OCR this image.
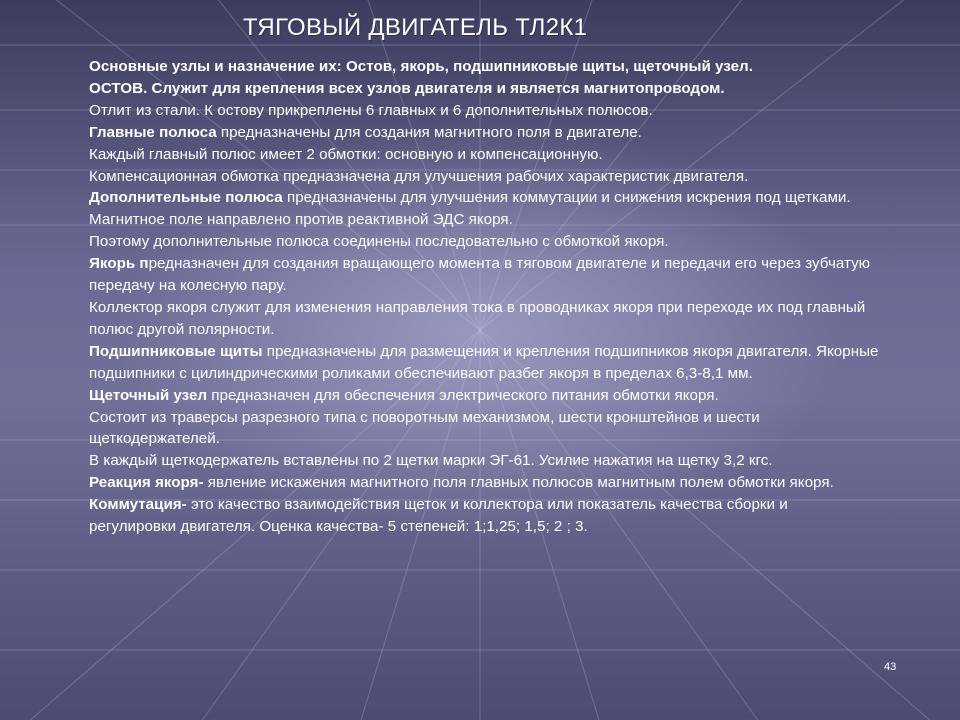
ТЯГОВЫЙ ДВИГАТЕЛЬ ТЛ2К1

Основные узлы и назначение их: Остов, якорь, подшипниковые щиты, щеточный узел.

ОСТОВ. Служит для крепления всех узлов двигателя и является магнитопроводом.

Отлит из стали. К остову прикреплены 6 главных и 6 дополнительных полюсов.

Главные полюса предназначены для создания магнитного поля в двигателе.

Каждый главный полюс имеет 2 обмотки: основную и компенсационную.

Компенсационная обмотка предназначена для улучшения рабочих характеристик двигателя.

Дополнительные полюса предназначены для улучшения коммутации и снижения искрения под щетками. Магнитное поле направлено против реактивной ЭДС якоря.

Поэтому дополнительные полюса соединены последовательно с обмоткой якоря.

Якорь предназначен для создания вращающего момента в тяговом двигателе и передачи его через зубчатую передачу на колесную пару.

Коллектор якоря служит для изменения направления тока в проводниках якоря при переходе их под главный полюс другой полярности.

Подшипниковые щиты предназначены для размещения и крепления подшипников якоря двигателя. Якорные подшипники с цилиндрическими роликами обеспечивают разбег якоря в пределах 6,3-8,1 мм.

Щеточный узел предназначен для обеспечения электрического питания обмотки якоря.

Состоит из траверсы разрезного типа с поворотным механизмом, шести кронштейнов и шести щеткодержателей.

В каждый щеткодержатель вставлены по 2 щетки марки ЭГ-61. Усилие нажатия на щетку 3,2 кгс.

Реакция якоря- явление искажения магнитного поля главных полюсов магнитным полем обмотки якоря.

Коммутация- это качество взаимодействия щеток и коллектора или показатель качества сборки и регулировки двигателя. Оценка качества- 5 степеней: 1;1,25; 1,5; 2 ; 3.

43
